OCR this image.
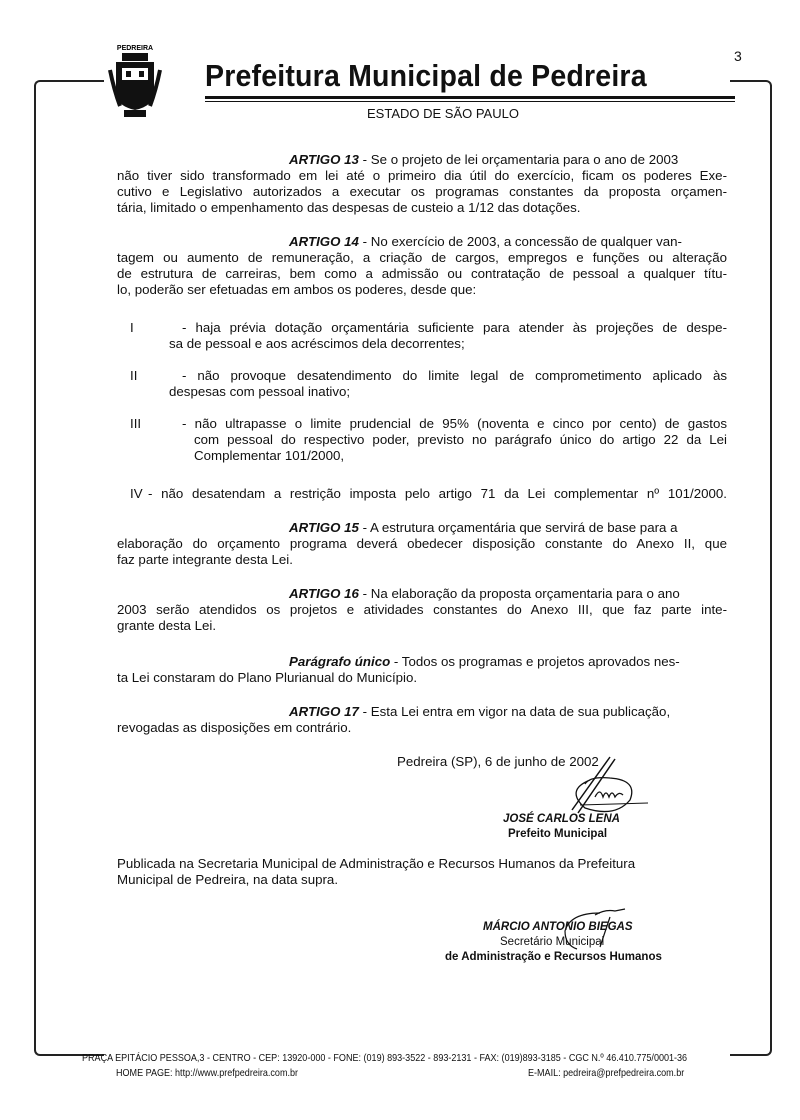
PEDREIRA
Prefeitura Municipal de Pedreira
3
ESTADO DE SÃO PAULO
ARTIGO 13 - Se o projeto de lei orçamentaria para o ano de 2003
não tiver sido transformado em lei até o primeiro dia útil do exercício, ficam os poderes Exe-
cutivo e Legislativo autorizados a executar os programas constantes da proposta orçamen-
tária, limitado o empenhamento das despesas de custeio a 1/12 das dotações.
ARTIGO 14 - No exercício de 2003, a concessão de qualquer van-
tagem ou aumento de remuneração, a criação de cargos, empregos e funções ou alteração
de estrutura de carreiras, bem como a admissão ou contratação de pessoal a qualquer títu-
lo, poderão ser efetuadas em ambos os poderes, desde que:
I	- haja prévia dotação orçamentária suficiente para atender às projeções de despe-
sa de pessoal e aos acréscimos dela decorrentes;
II	- não provoque desatendimento do limite legal de comprometimento aplicado às
despesas com pessoal inativo;
III	- não ultrapasse o limite prudencial de 95% (noventa e cinco por cento) de gastos
com pessoal do respectivo poder, previsto no parágrafo único do artigo 22 da Lei
Complementar 101/2000,
IV - não desatendam a restrição imposta pelo artigo 71 da Lei complementar nº 101/2000.
ARTIGO 15 - A estrutura orçamentária que servirá de base para a
elaboração do orçamento programa deverá obedecer disposição constante do Anexo II, que
faz parte integrante desta Lei.
ARTIGO 16 - Na elaboração da proposta orçamentaria para o ano
2003 serão atendidos os projetos e atividades constantes do Anexo III, que faz parte inte-
grante desta Lei.
Parágrafo único - Todos os programas e projetos aprovados nes-
ta Lei constaram do Plano Plurianual do Município.
ARTIGO 17 - Esta Lei entra em vigor na data de sua publicação,
revogadas as disposições em contrário.
Pedreira (SP), 6 de junho de 2002
JOSÉ CARLOS LENA
Prefeito Municipal
Publicada na Secretaria Municipal de Administração e Recursos Humanos da Prefeitura
Municipal de Pedreira, na data supra.
MÁRCIO ANTONIO BIEGAS
Secretário Municipal
de Administração e Recursos Humanos
PRAÇA EPITÁCIO PESSOA,3 - CENTRO - CEP: 13920-000 - FONE: (019) 893-3522 - 893-2131 - FAX: (019)893-3185 - CGC N.º 46.410.775/0001-36
HOME PAGE: http://www.prefpedreira.com.br	E-MAIL: pedreira@prefpedreira.com.br
